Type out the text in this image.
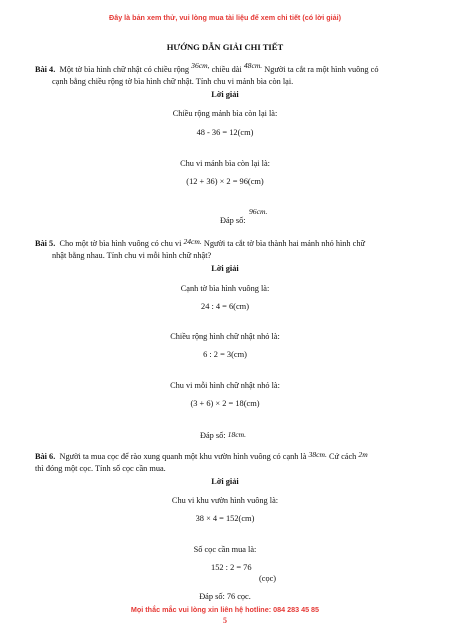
Đây là bản xem thử, vui lòng mua tài liệu để xem chi tiết (có lời giải)
HƯỚNG DẪN GIẢI CHI TIẾT
Bài 4. Một tờ bìa hình chữ nhật có chiều rộng 36cm, chiều dài 48cm. Người ta cắt ra một hình vuông có
cạnh bằng chiều rộng tờ bìa hình chữ nhật. Tính chu vi mảnh bìa còn lại.
Lời giải
Chiều rộng mảnh bìa còn lại là:
48 - 36 = 12(cm)
Chu vi mảnh bìa còn lại là:
(12 + 36) × 2 = 96(cm)
96cm.
Đáp số:
Bài 5. Cho một tờ bìa hình vuông có chu vi 24cm. Người ta cắt tờ bìa thành hai mảnh nhỏ hình chữ
nhật bằng nhau. Tính chu vi mỗi hình chữ nhật?
Lời giải
Cạnh tờ bìa hình vuông là:
24 : 4 = 6(cm)
Chiều rộng hình chữ nhật nhỏ là:
6 : 2 = 3(cm)
Chu vi mỗi hình chữ nhật nhỏ là:
(3 + 6) × 2 = 18(cm)
Đáp số: 18cm.
Bài 6. Người ta mua cọc để rào xung quanh một khu vườn hình vuông có cạnh là 38cm. Cứ cách 2m
thì đóng một cọc. Tính số cọc cần mua.
Lời giải
Chu vi khu vườn hình vuông là:
38 × 4 = 152(cm)
Số cọc cần mua là:
152 : 2 = 76
(cọc)
Đáp số: 76 cọc.
Mọi thắc mắc vui lòng xin liên hệ hotline: 084 283 45 85
5
